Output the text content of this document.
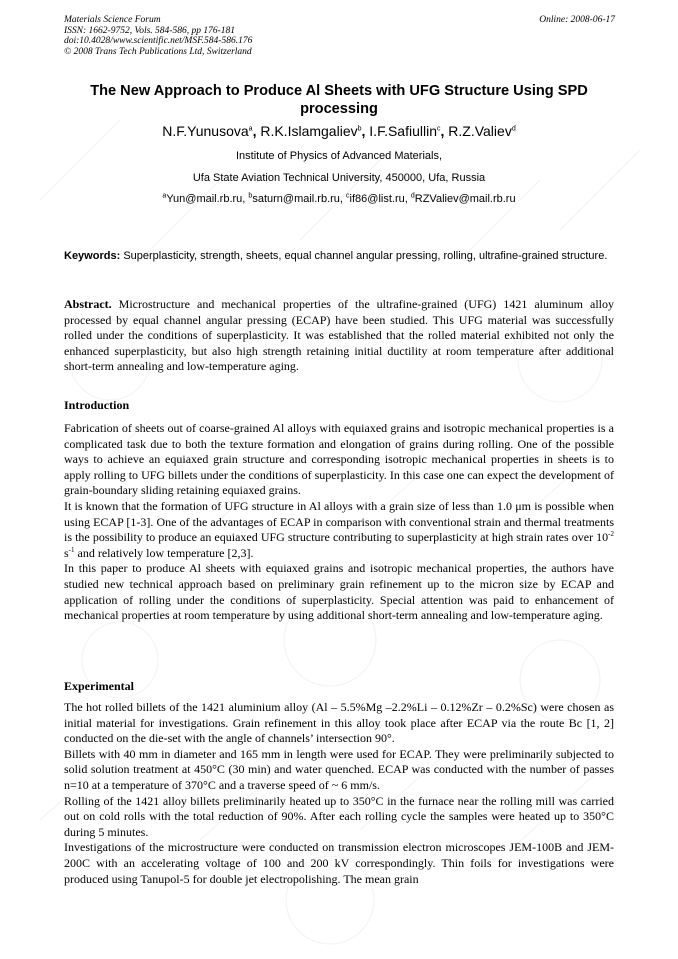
Materials Science Forum
ISSN: 1662-9752, Vols. 584-586, pp 176-181
doi:10.4028/www.scientific.net/MSF.584-586.176
© 2008 Trans Tech Publications Ltd, Switzerland
Online: 2008-06-17
The New Approach to Produce Al Sheets with UFG Structure Using SPD processing
N.F.Yunusova$^a$, R.K.Islamgaliev$^b$, I.F.Safiullin$^c$, R.Z.Valiev$^d$
Institute of Physics of Advanced Materials,
Ufa State Aviation Technical University, 450000, Ufa, Russia
$^a$Yun@mail.rb.ru, $^b$saturn@mail.rb.ru, $^c$if86@list.ru, $^d$RZValiev@mail.rb.ru
Keywords: Superplasticity, strength, sheets, equal channel angular pressing, rolling, ultrafine-grained structure.

Abstract. Microstructure and mechanical properties of the ultrafine-grained (UFG) 1421 aluminum alloy processed by equal channel angular pressing (ECAP) have been studied. This UFG material was successfully rolled under the conditions of superplasticity. It was established that the rolled material exhibited not only the enhanced superplasticity, but also high strength retaining initial ductility at room temperature after additional short-term annealing and low-temperature aging.

Introduction

Fabrication of sheets out of coarse-grained Al alloys with equiaxed grains and isotropic mechanical properties is a complicated task due to both the texture formation and elongation of grains during rolling. One of the possible ways to achieve an equiaxed grain structure and corresponding isotropic mechanical properties in sheets is to apply rolling to UFG billets under the conditions of superplasticity. In this case one can expect the development of grain-boundary sliding retaining equiaxed grains.

It is known that the formation of UFG structure in Al alloys with a grain size of less than 1.0 μm is possible when using ECAP [1-3]. One of the advantages of ECAP in comparison with conventional strain and thermal treatments is the possibility to produce an equiaxed UFG structure contributing to superplasticity at high strain rates over $10^{-2}$ $s^{-1}$ and relatively low temperature [2,3].

In this paper to produce Al sheets with equiaxed grains and isotropic mechanical properties, the authors have studied new technical approach based on preliminary grain refinement up to the micron size by ECAP and application of rolling under the conditions of superplasticity. Special attention was paid to enhancement of mechanical properties at room temperature by using additional short-term annealing and low-temperature aging.

Experimental

The hot rolled billets of the 1421 aluminium alloy (Al – 5.5%Mg –2.2%Li – 0.12%Zr – 0.2%Sc) were chosen as initial material for investigations. Grain refinement in this alloy took place after ECAP via the route Bc [1, 2] conducted on the die-set with the angle of channels’ intersection 90°.

Billets with 40 mm in diameter and 165 mm in length were used for ECAP. They were preliminarily subjected to solid solution treatment at 450°C (30 min) and water quenched. ECAP was conducted with the number of passes n=10 at a temperature of 370°C and a traverse speed of ~ 6 mm/s.

Rolling of the 1421 alloy billets preliminarily heated up to 350°C in the furnace near the rolling mill was carried out on cold rolls with the total reduction of 90%. After each rolling cycle the samples were heated up to 350°C during 5 minutes.

Investigations of the microstructure were conducted on transmission electron microscopes JEM-100B and JEM-200C with an accelerating voltage of 100 and 200 kV correspondingly. Thin foils for investigations were produced using Tanupol-5 for double jet electropolishing. The mean grain
